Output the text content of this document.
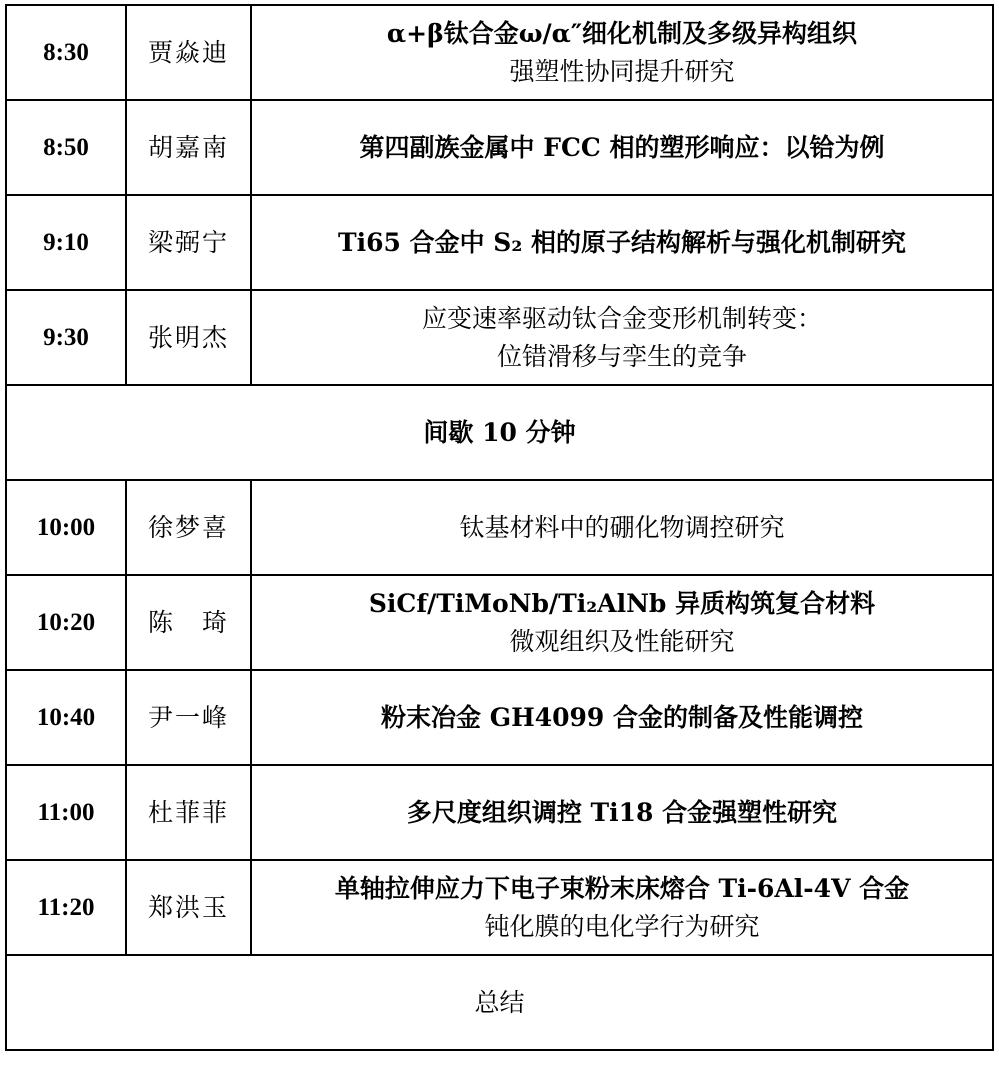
8:30	贾焱迪	α+β钛合金ω/α″细化机制及多级异构组织
强塑性协同提升研究

8:50	胡嘉南	第四副族金属中 FCC 相的塑形响应：以铪为例

9:10	梁弼宁	Ti65 合金中 S₂ 相的原子结构解析与强化机制研究

9:30	张明杰	应变速率驱动钛合金变形机制转变：
位错滑移与孪生的竞争

间歇 10 分钟		
10:00	徐梦喜	钛基材料中的硼化物调控研究

10:20	陈　琦	SiCf/TiMoNb/Ti₂AlNb 异质构筑复合材料
微观组织及性能研究

10:40	尹一峰	粉末冶金 GH4099 合金的制备及性能调控

11:00	杜菲菲	多尺度组织调控 Ti18 合金强塑性研究

11:20	郑洪玉	单轴拉伸应力下电子束粉末床熔合 Ti-6Al-4V 合金
钝化膜的电化学行为研究

总结		
